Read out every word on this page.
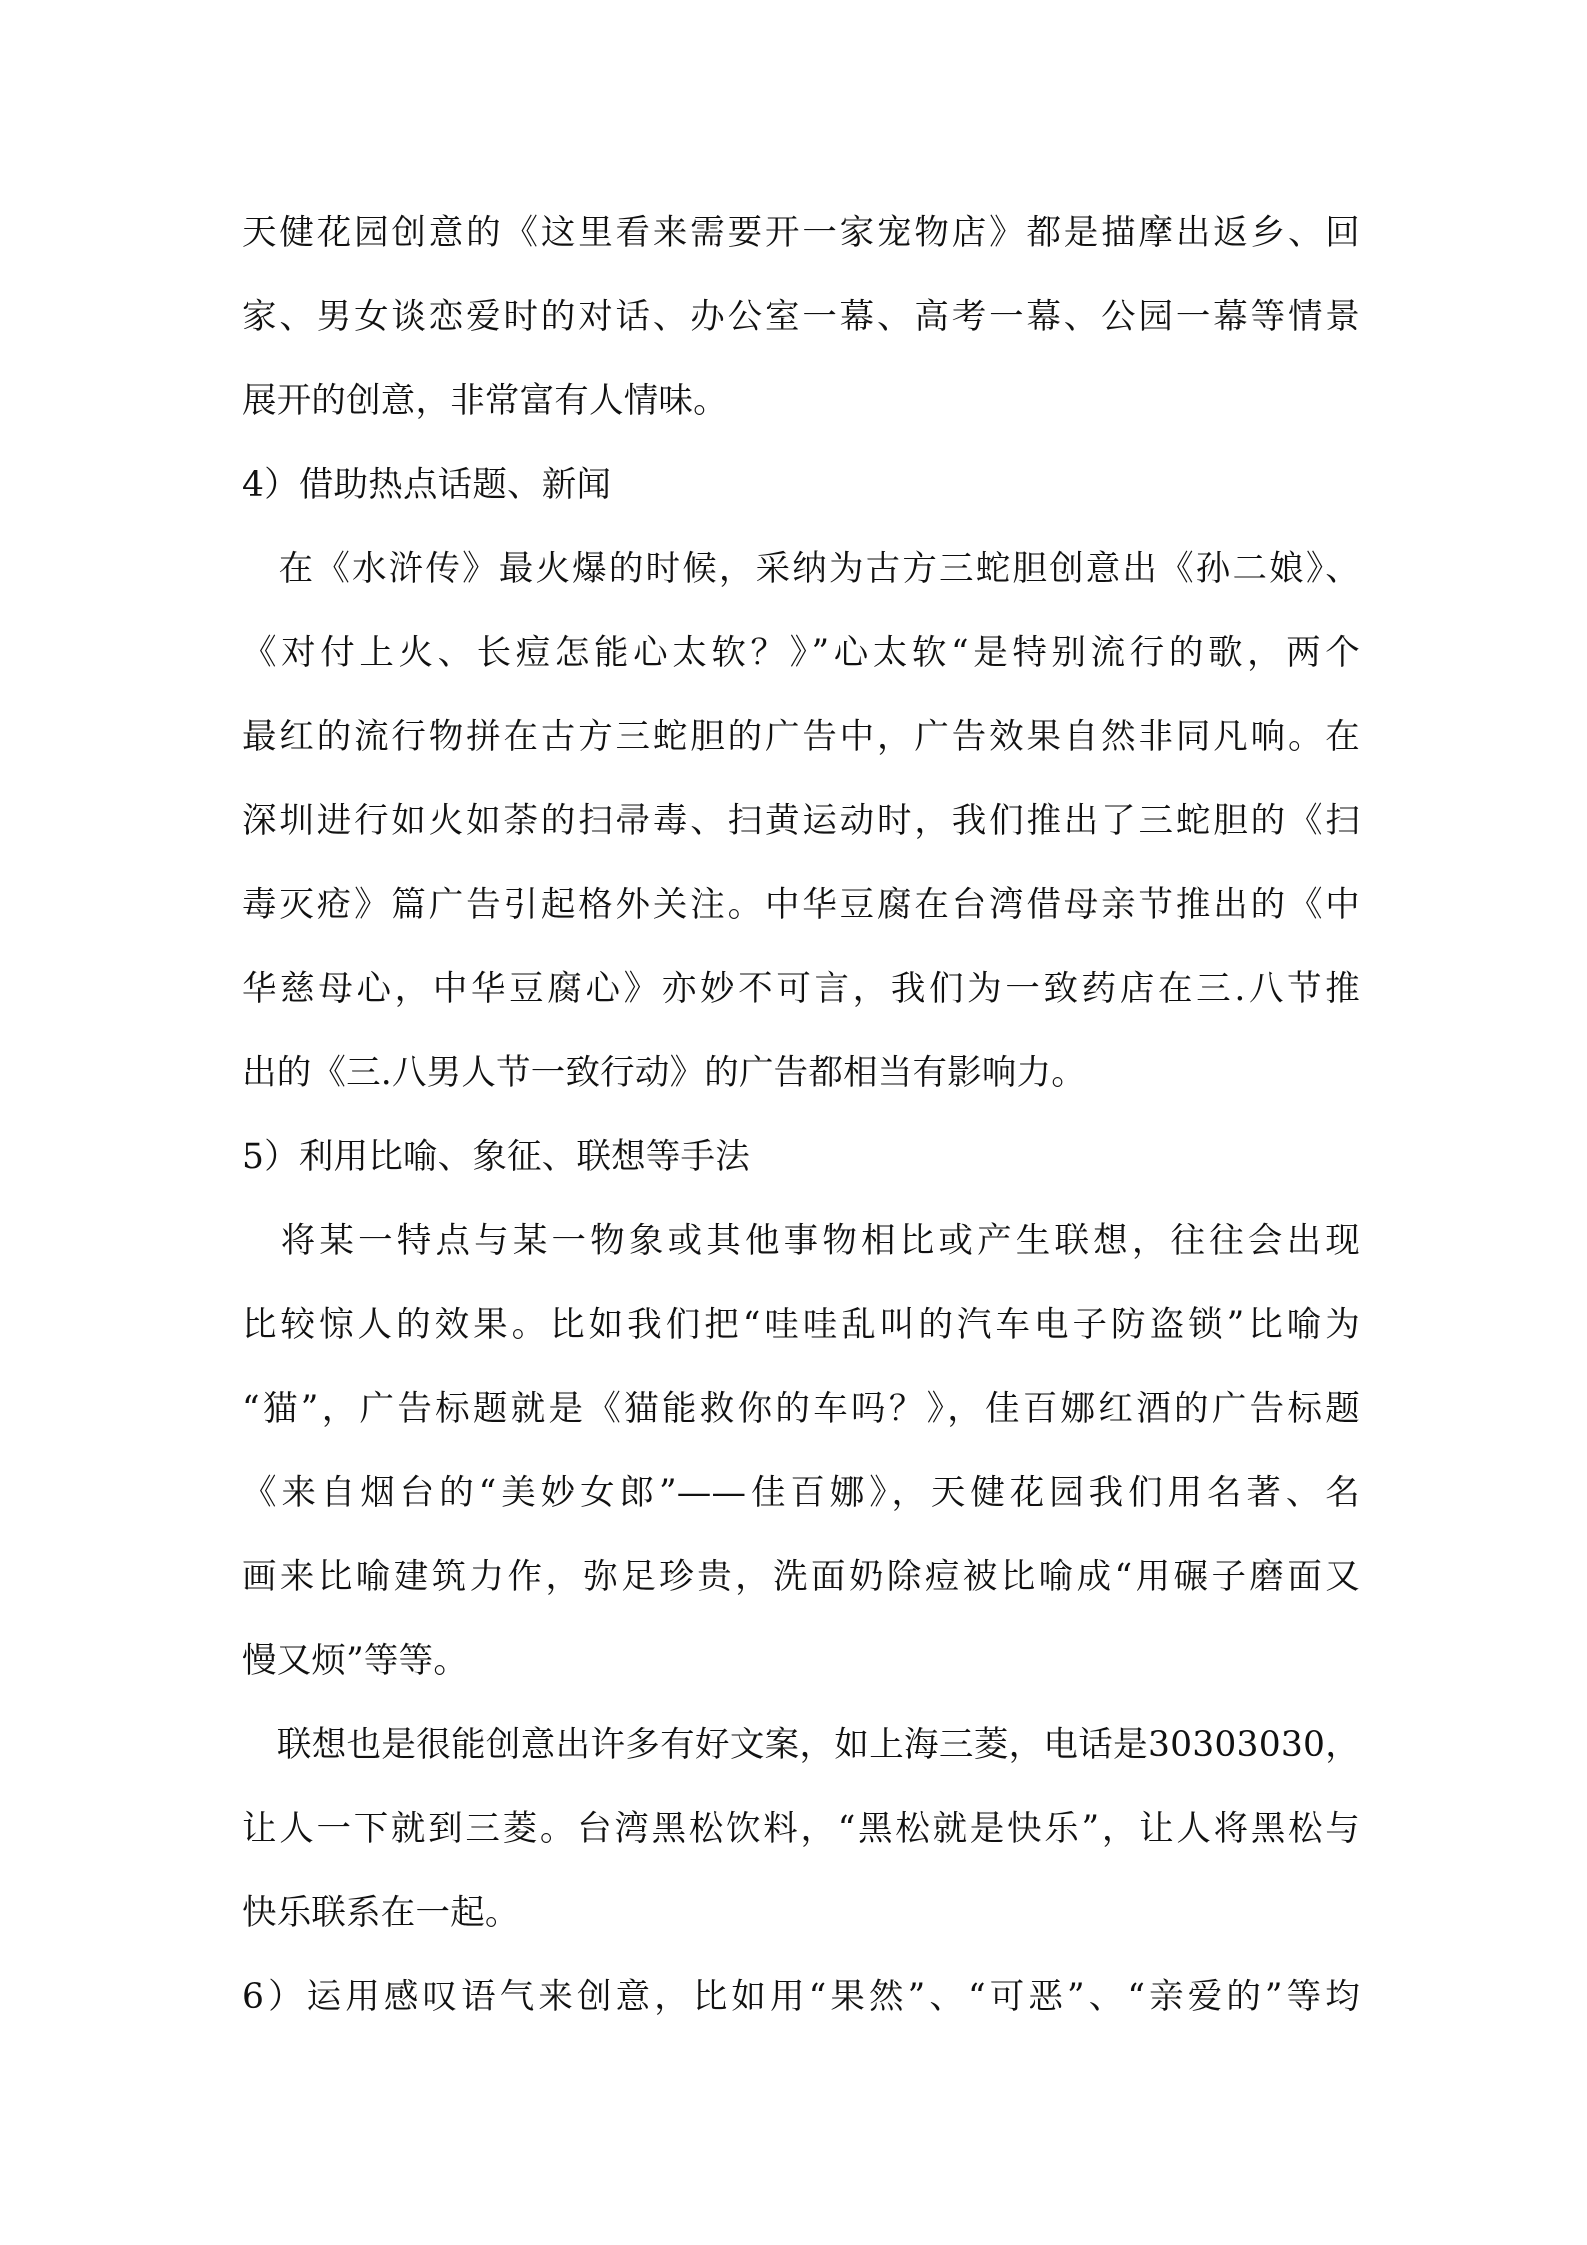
天健花园创意的《这里看来需要开一家宠物店》都是描摩出返乡、回
家、男女谈恋爱时的对话、办公室一幕、高考一幕、公园一幕等情景
展开的创意，非常富有人情味。
4）借助热点话题、新闻
　在《水浒传》最火爆的时候，采纳为古方三蛇胆创意出《孙二娘》、
《对付上火、长痘怎能心太软？》”心太软“是特别流行的歌，两个
最红的流行物拼在古方三蛇胆的广告中，广告效果自然非同凡响。在
深圳进行如火如荼的扫帚毒、扫黄运动时，我们推出了三蛇胆的《扫
毒灭疮》篇广告引起格外关注。中华豆腐在台湾借母亲节推出的《中
华慈母心，中华豆腐心》亦妙不可言，我们为一致药店在三.八节推
出的《三.八男人节一致行动》的广告都相当有影响力。
5）利用比喻、象征、联想等手法
　将某一特点与某一物象或其他事物相比或产生联想，往往会出现
比较惊人的效果。比如我们把“哇哇乱叫的汽车电子防盗锁”比喻为
“猫”，广告标题就是《猫能救你的车吗？》，佳百娜红酒的广告标题
《来自烟台的“美妙女郎”——佳百娜》，天健花园我们用名著、名
画来比喻建筑力作，弥足珍贵，洗面奶除痘被比喻成“用碾子磨面又
慢又烦”等等。
　联想也是很能创意出许多有好文案，如上海三菱，电话是30303030，
让人一下就到三菱。台湾黑松饮料，“黑松就是快乐”，让人将黑松与
快乐联系在一起。
6）运用感叹语气来创意，比如用“果然”、“可恶”、“亲爱的”等均
